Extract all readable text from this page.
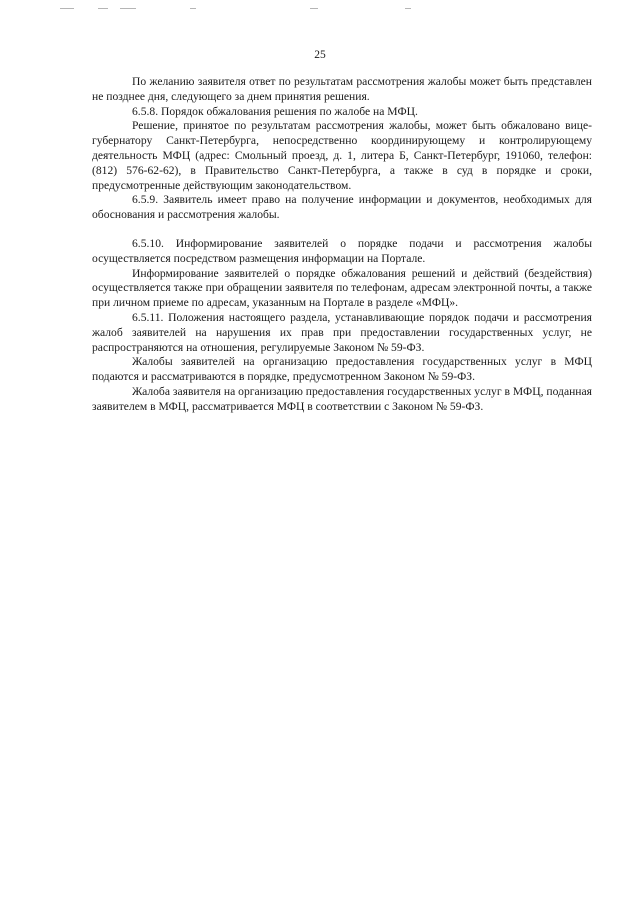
25

По желанию заявителя ответ по результатам рассмотрения жалобы может быть представлен не позднее дня, следующего за днем принятия решения.

6.5.8. Порядок обжалования решения по жалобе на МФЦ.

Решение, принятое по результатам рассмотрения жалобы, может быть обжаловано вице-губернатору Санкт-Петербурга, непосредственно координирующему и контролирующему деятельность МФЦ (адрес: Смольный проезд, д. 1, литера Б, Санкт-Петербург, 191060, телефон: (812) 576-62-62), в Правительство Санкт-Петербурга, а также в суд в порядке и сроки, предусмотренные действующим законодательством.

6.5.9. Заявитель имеет право на получение информации и документов, необходимых для обоснования и рассмотрения жалобы.

6.5.10. Информирование заявителей о порядке подачи и рассмотрения жалобы осуществляется посредством размещения информации на Портале.

Информирование заявителей о порядке обжалования решений и действий (бездействия) осуществляется также при обращении заявителя по телефонам, адресам электронной почты, а также при личном приеме по адресам, указанным на Портале в разделе «МФЦ».

6.5.11. Положения настоящего раздела, устанавливающие порядок подачи и рассмотрения жалоб заявителей на нарушения их прав при предоставлении государственных услуг, не распространяются на отношения, регулируемые Законом № 59-ФЗ.

Жалобы заявителей на организацию предоставления государственных услуг в МФЦ подаются и рассматриваются в порядке, предусмотренном Законом № 59-ФЗ.

Жалоба заявителя на организацию предоставления государственных услуг в МФЦ, поданная заявителем в МФЦ, рассматривается МФЦ в соответствии с Законом № 59-ФЗ.
